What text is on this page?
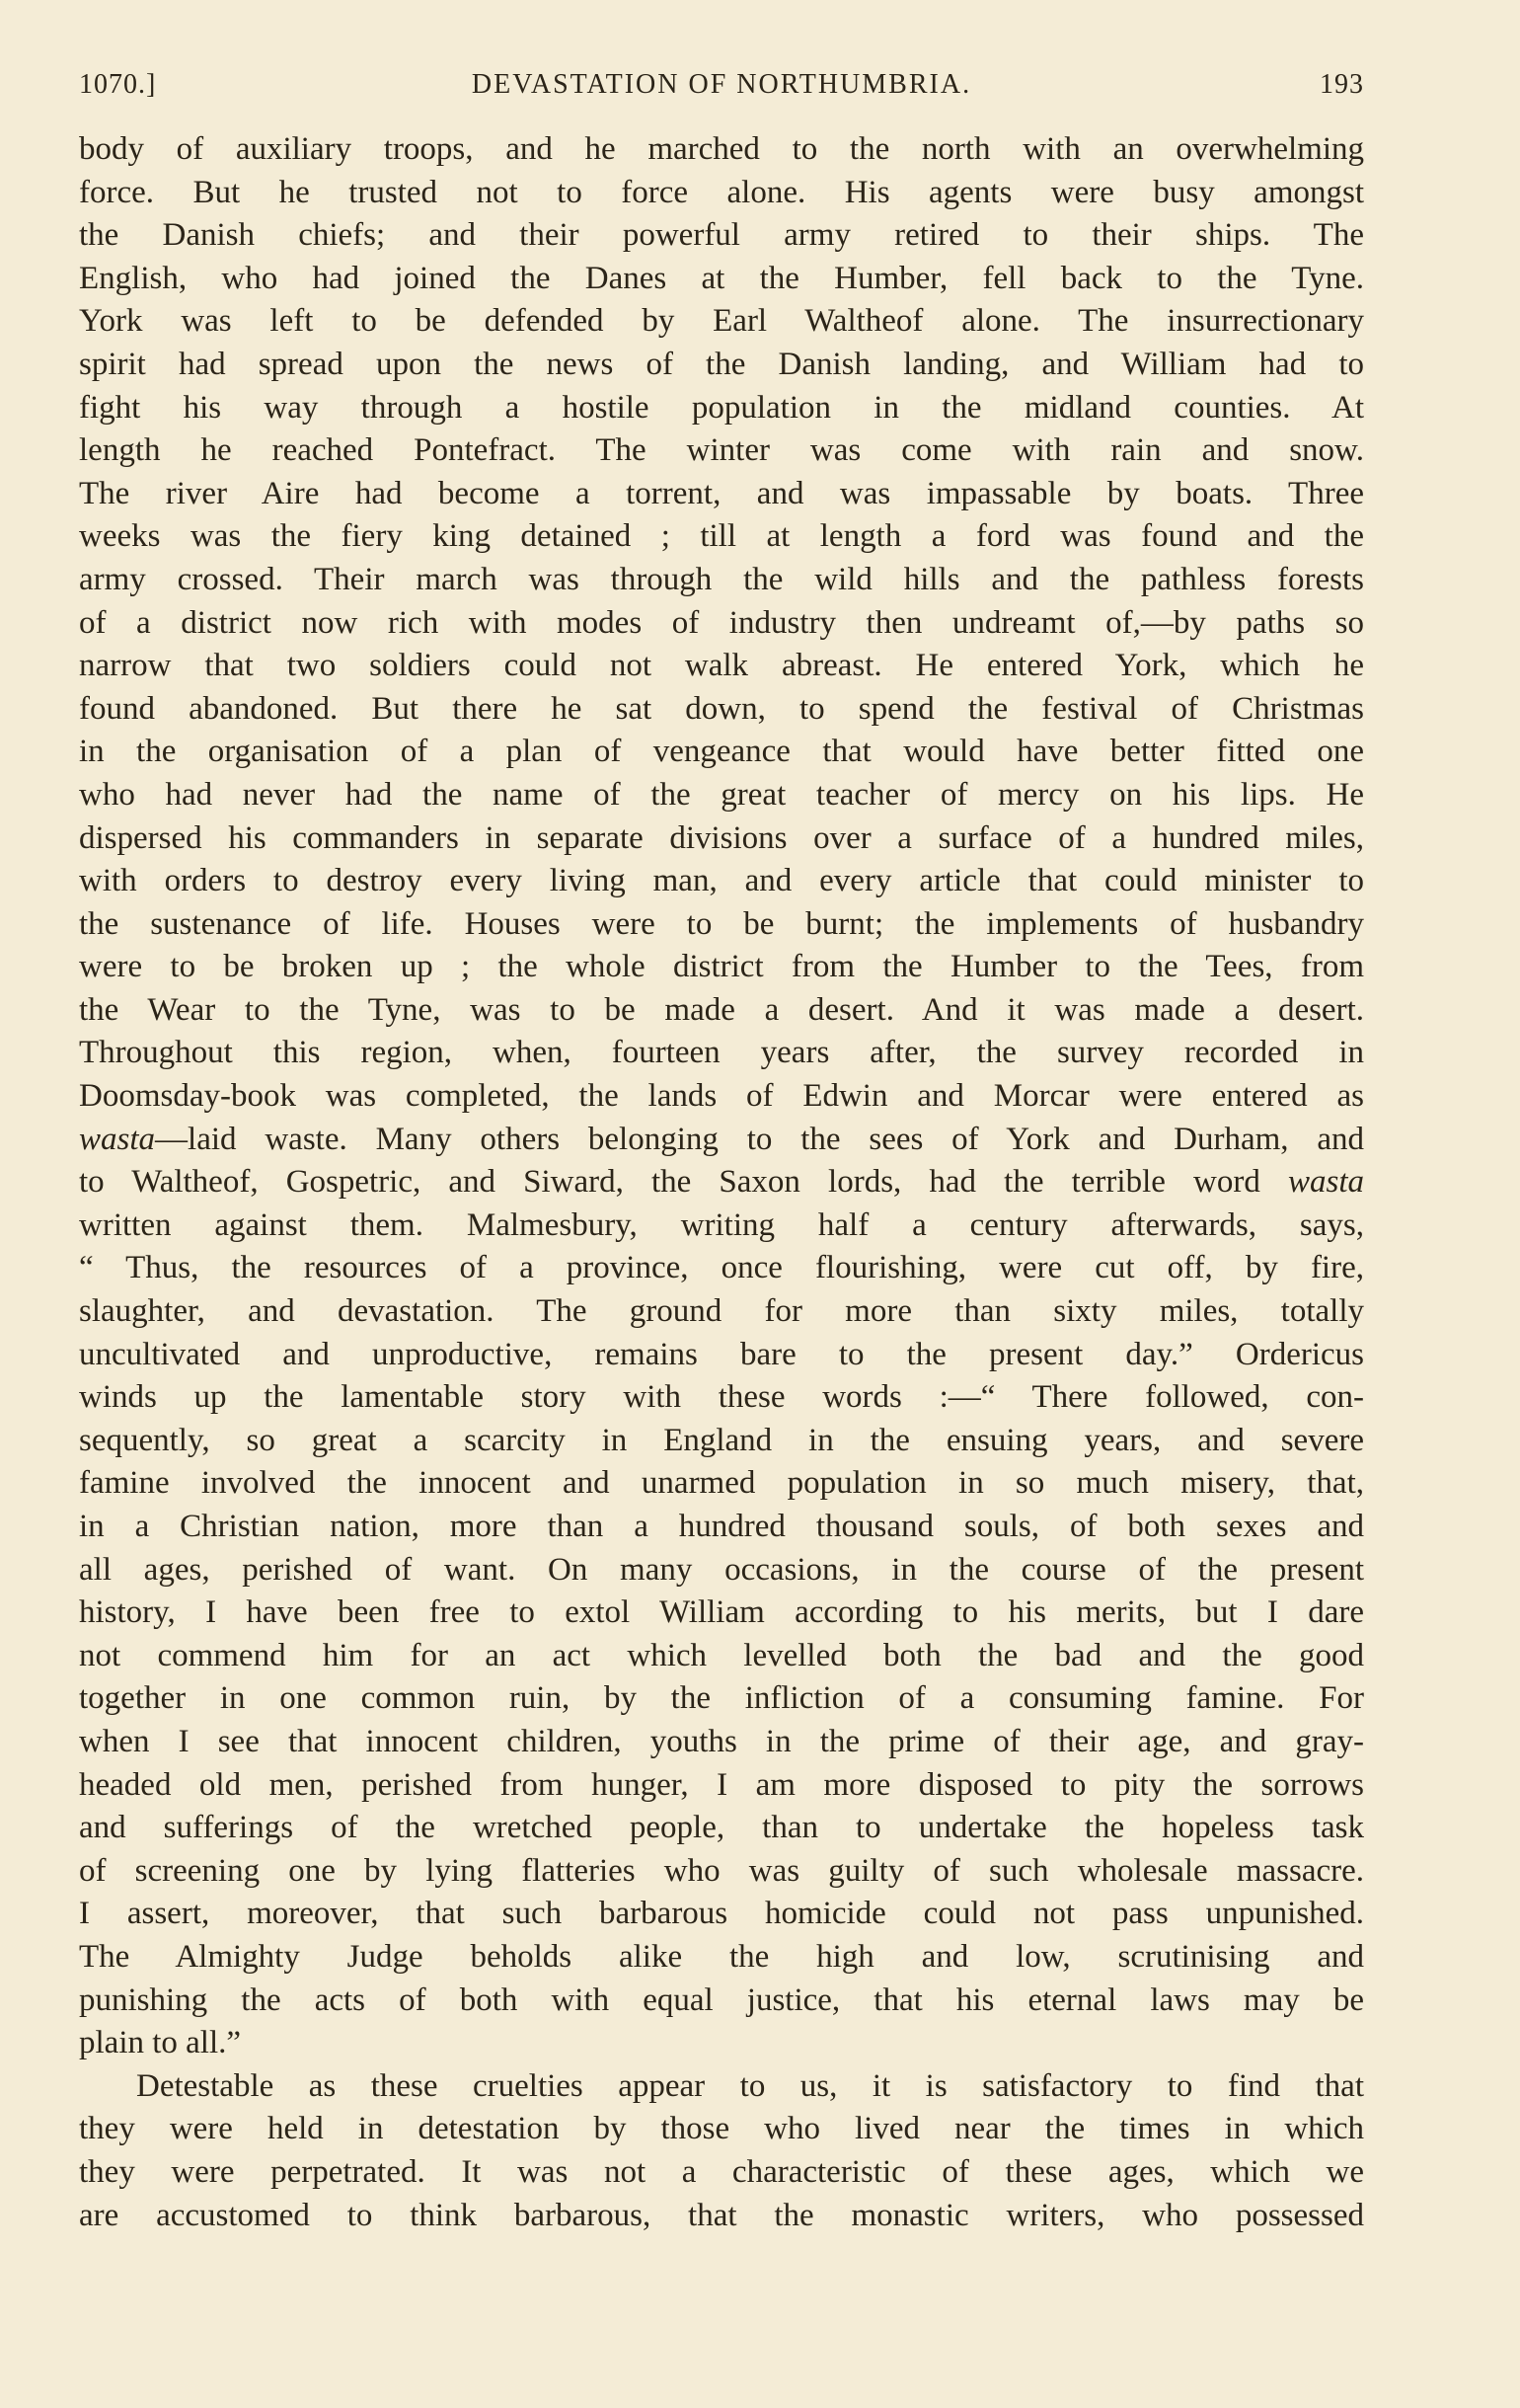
1070.]	DEVASTATION OF NORTHUMBRIA.	193
body of auxiliary troops, and he marched to the north with an overwhelming
force. But he trusted not to force alone. His agents were busy amongst
the Danish chiefs; and their powerful army retired to their ships. The
English, who had joined the Danes at the Humber, fell back to the Tyne.
York was left to be defended by Earl Waltheof alone. The insurrectionary
spirit had spread upon the news of the Danish landing, and William had to
fight his way through a hostile population in the midland counties. At
length he reached Pontefract. The winter was come with rain and snow.
The river Aire had become a torrent, and was impassable by boats. Three
weeks was the fiery king detained ; till at length a ford was found and the
army crossed. Their march was through the wild hills and the pathless forests
of a district now rich with modes of industry then undreamt of,—by paths so
narrow that two soldiers could not walk abreast. He entered York, which he
found abandoned. But there he sat down, to spend the festival of Christmas
in the organisation of a plan of vengeance that would have better fitted one
who had never had the name of the great teacher of mercy on his lips. He
dispersed his commanders in separate divisions over a surface of a hundred miles,
with orders to destroy every living man, and every article that could minister to
the sustenance of life. Houses were to be burnt; the implements of husbandry
were to be broken up ; the whole district from the Humber to the Tees, from
the Wear to the Tyne, was to be made a desert. And it was made a desert.
Throughout this region, when, fourteen years after, the survey recorded in
Doomsday-book was completed, the lands of Edwin and Morcar were entered as
wasta—laid waste. Many others belonging to the sees of York and Durham, and
to Waltheof, Gospetric, and Siward, the Saxon lords, had the terrible word wasta
written against them. Malmesbury, writing half a century afterwards, says,
“ Thus, the resources of a province, once flourishing, were cut off, by fire,
slaughter, and devastation. The ground for more than sixty miles, totally
uncultivated and unproductive, remains bare to the present day.” Ordericus
winds up the lamentable story with these words :—“ There followed, con-
sequently, so great a scarcity in England in the ensuing years, and severe
famine involved the innocent and unarmed population in so much misery, that,
in a Christian nation, more than a hundred thousand souls, of both sexes and
all ages, perished of want. On many occasions, in the course of the present
history, I have been free to extol William according to his merits, but I dare
not commend him for an act which levelled both the bad and the good
together in one common ruin, by the infliction of a consuming famine. For
when I see that innocent children, youths in the prime of their age, and gray-
headed old men, perished from hunger, I am more disposed to pity the sorrows
and sufferings of the wretched people, than to undertake the hopeless task
of screening one by lying flatteries who was guilty of such wholesale massacre.
I assert, moreover, that such barbarous homicide could not pass unpunished.
The Almighty Judge beholds alike the high and low, scrutinising and
punishing the acts of both with equal justice, that his eternal laws may be
plain to all.”
Detestable as these cruelties appear to us, it is satisfactory to find that
they were held in detestation by those who lived near the times in which
they were perpetrated. It was not a characteristic of these ages, which we
are accustomed to think barbarous, that the monastic writers, who possessed
